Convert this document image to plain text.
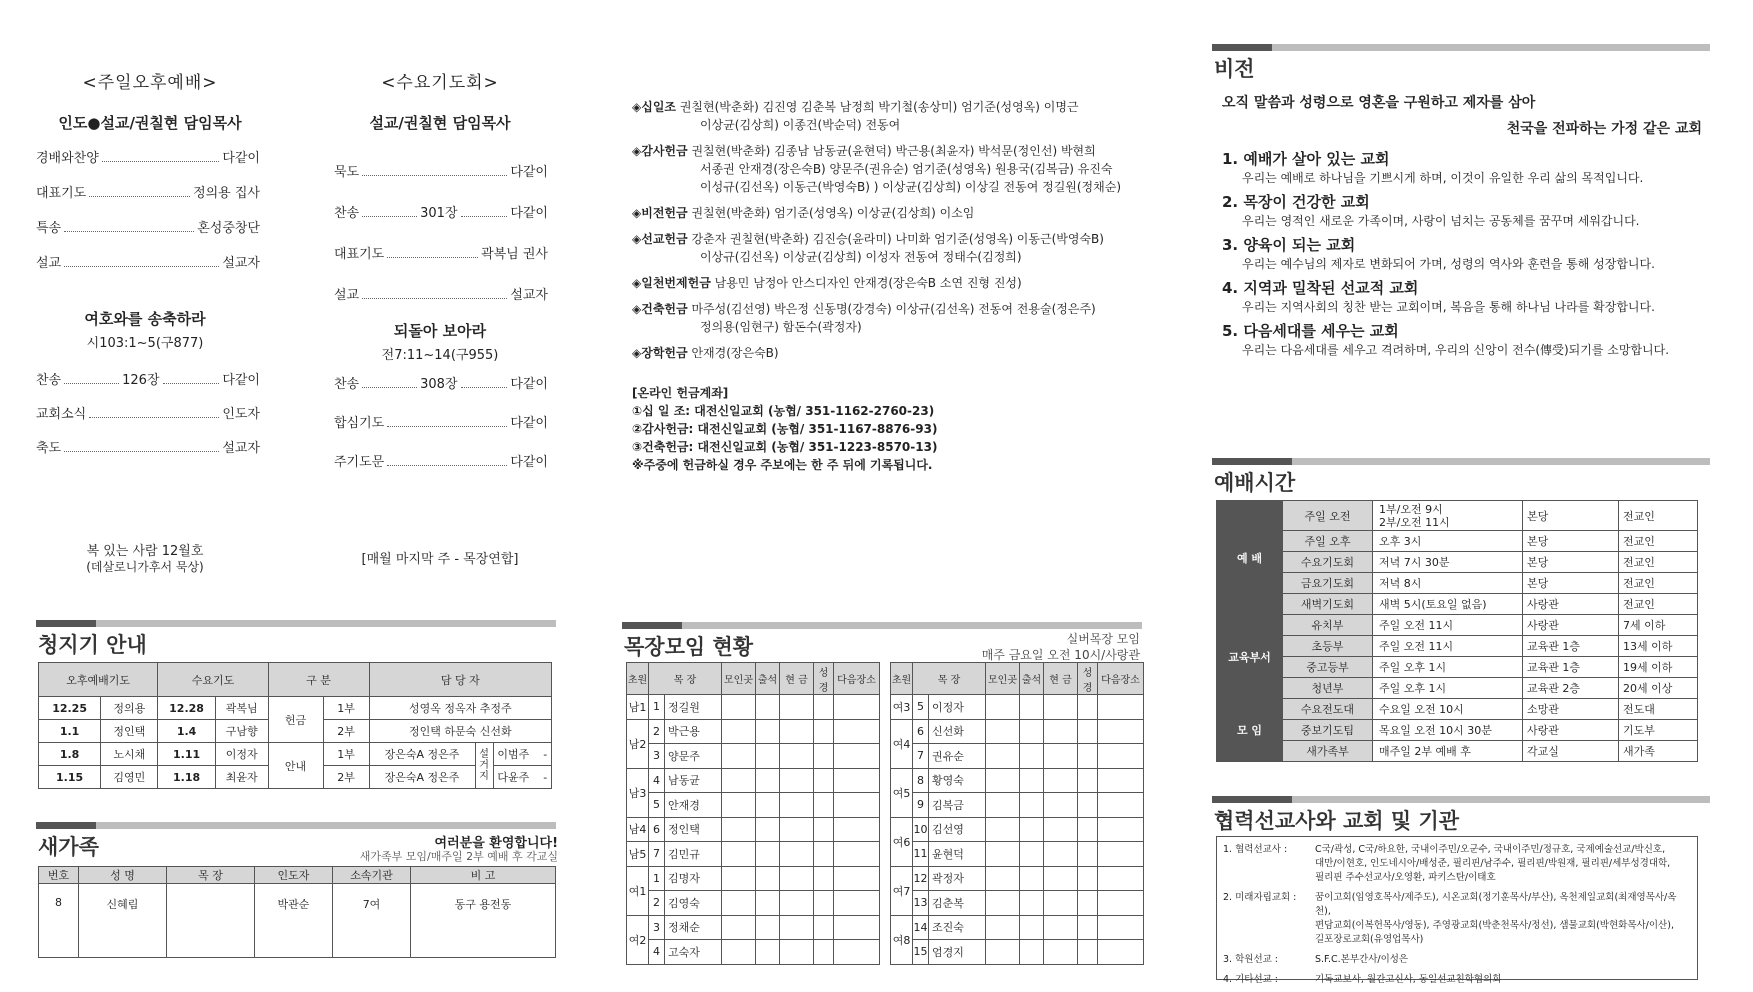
<주일오후예배>
인도●설교/권칠현 담임목사
경배와찬양	다같이
대표기도	정의용 집사
특송	혼성중창단
설교	설교자
여호와를 송축하라
시103:1~5(구877)
찬송	126장	다같이
교회소식	인도자
축도	설교자
복 있는 사람 12월호
(데살로니가후서 묵상)
<수요기도회>
설교/권칠현 담임목사
묵도	다같이
찬송	301장	다같이
대표기도	곽복님 권사
설교	설교자
되돌아 보아라
전7:11~14(구955)
찬송	308장	다같이
합심기도	다같이
주기도문	다같이
[매월 마지막 주 - 목장연합]
청지기 안내
오후예배기도		수요기도		구 분		담 당 자		
12.25	정의용	12.28	곽복님	헌금	1부	성영옥 정옥자 추정주		
1.1	정인택	1.4	구남향		2부	정인택 하문숙 신선화		
1.8	노시채	1.11	이정자	안내	1부	장은숙A 정은주	설거지	이범주 -
1.15	김영민	1.18	최윤자		2부	장은숙A 정은주		다윤주 -
새가족	여러분을 환영합니다!
새가족부 모임/매주일 2부 예배 후 각교실
번호	성 명	목 장	인도자	소속기관	비 고
8	신혜림		박관순	7여	동구 용전동
◈십일조 권칠현(박춘화) 김진영 김춘복 남정희 박기철(송상미) 엄기준(성영옥) 이명근
이상균(김상희) 이종건(박순덕) 전동여
◈감사헌금 권칠현(박춘화) 김종남 남동균(윤현덕) 박근용(최윤자) 박석문(정인선) 박현희
서종권 안재경(장은숙B) 양문주(권유순) 엄기준(성영옥) 원용국(김복금) 유진숙
이성규(김선옥) 이동근(박영숙B) ) 이상균(김상희) 이상길 전동여 정길원(정채순)
◈비전헌금 권칠현(박춘화) 엄기준(성영옥) 이상균(김상희) 이소임
◈선교헌금 강춘자 권칠현(박춘화) 김진승(윤라미) 나미화 엄기준(성영옥) 이동근(박영숙B)
이상규(김선옥) 이상균(김상희) 이성자 전동여 정태수(김정희)
◈일천번제헌금 남용민 남정아 안스디자인 안재경(장은숙B 소연 진형 진성)
◈건축헌금 마주성(김선영) 박은정 신동명(강경숙) 이상규(김선옥) 전동여 전용술(정은주)
정의용(임현구) 함돈수(곽정자)
◈장학헌금 안재경(장은숙B)
[온라인 헌금계좌]
①십 일 조: 대전신일교회 (농협/ 351-1162-2760-23)
②감사헌금: 대전신일교회 (농협/ 351-1167-8876-93)
③건축헌금: 대전신일교회 (농협/ 351-1223-8570-13)
※주중에 헌금하실 경우 주보에는 한 주 뒤에 기록됩니다.
목장모임 현황	실버목장 모임
매주 금요일 오전 10시/사랑관
초원	목 장		모인곳	출석	현 금	성경	다음장소
남1	1	정길원					
남2	2	박근용					
	3	양문주					
남3	4	남동균					
	5	안재경					
남4	6	정인택					
남5	7	김민규					
여1	1	김명자					
	2	김영숙					
여2	3	정채순					
	4	고숙자					
초원	목 장		모인곳	출석	현 금	성경	다음장소
여3	5	이정자					
여4	6	신선화					
	7	권유순					
여5	8	황영숙					
	9	김복금					
여6	10	김선영					
	11	윤현덕					
여7	12	곽정자					
	13	김춘복					
여8	14	조진숙					
	15	엄경지					
비전
오직 말씀과 성령으로 영혼을 구원하고 제자를 삼아
천국을 전파하는 가정 같은 교회
1. 예배가 살아 있는 교회
우리는 예배로 하나님을 기쁘시게 하며, 이것이 유일한 우리 삶의 목적입니다.
2. 목장이 건강한 교회
우리는 영적인 새로운 가족이며, 사랑이 넘치는 공동체를 꿈꾸며 세워갑니다.
3. 양육이 되는 교회
우리는 예수님의 제자로 변화되어 가며, 성령의 역사와 훈련을 통해 성장합니다.
4. 지역과 밀착된 선교적 교회
우리는 지역사회의 칭찬 받는 교회이며, 복음을 통해 하나님 나라를 확장합니다.
5. 다음세대를 세우는 교회
우리는 다음세대를 세우고 격려하며, 우리의 신앙이 전수(傳受)되기를 소망합니다.
예배시간
예 배	주일 오전	1부/오전 9시
2부/오전 11시	본당	전교인
	주일 오후	오후 3시	본당	전교인
	수요기도회	저녁 7시 30분	본당	전교인
	금요기도회	저녁 8시	본당	전교인
	새벽기도회	새벽 5시(토요일 없음)	사랑관	전교인
교육부서	유치부	주일 오전 11시	사랑관	7세 이하
	초등부	주일 오전 11시	교육관 1층	13세 이하
	중고등부	주일 오후 1시	교육관 1층	19세 이하
	청년부	주일 오후 1시	교육관 2층	20세 이상
모 임	수요전도대	수요일 오전 10시	소망관	전도대
	중보기도팀	목요일 오전 10시 30분	사랑관	기도부
	새가족부	매주일 2부 예배 후	각교실	새가족
협력선교사와 교회 및 기관
1. 협력선교사 :	C국/곽성, C국/하요한, 국내이주민/오군수, 국내이주민/정규호, 국제예술선교/박신호,
대만/이현호, 인도네시아/배성준, 필리핀/남주수, 필리핀/박원재, 필리핀/세부성경대학,
필리핀 주수선교사/오영환, 파키스탄/이태호
2. 미래자립교회 :	꿈이고회(임영호목사/제주도), 시온교회(정기훈목사/부산), 옥천제일교회(최재영목사/옥천),
편담교회(이복헌목사/영동), 주영광교회(박춘천목사/정선), 샘물교회(박현화목사/이산),
길포장로교회(유영업목사)
3. 학원선교 :	S.F.C.본부간사/이성은
4. 기타선교 :	기독교보사, 월간고신사, 동일선교친학협의회
